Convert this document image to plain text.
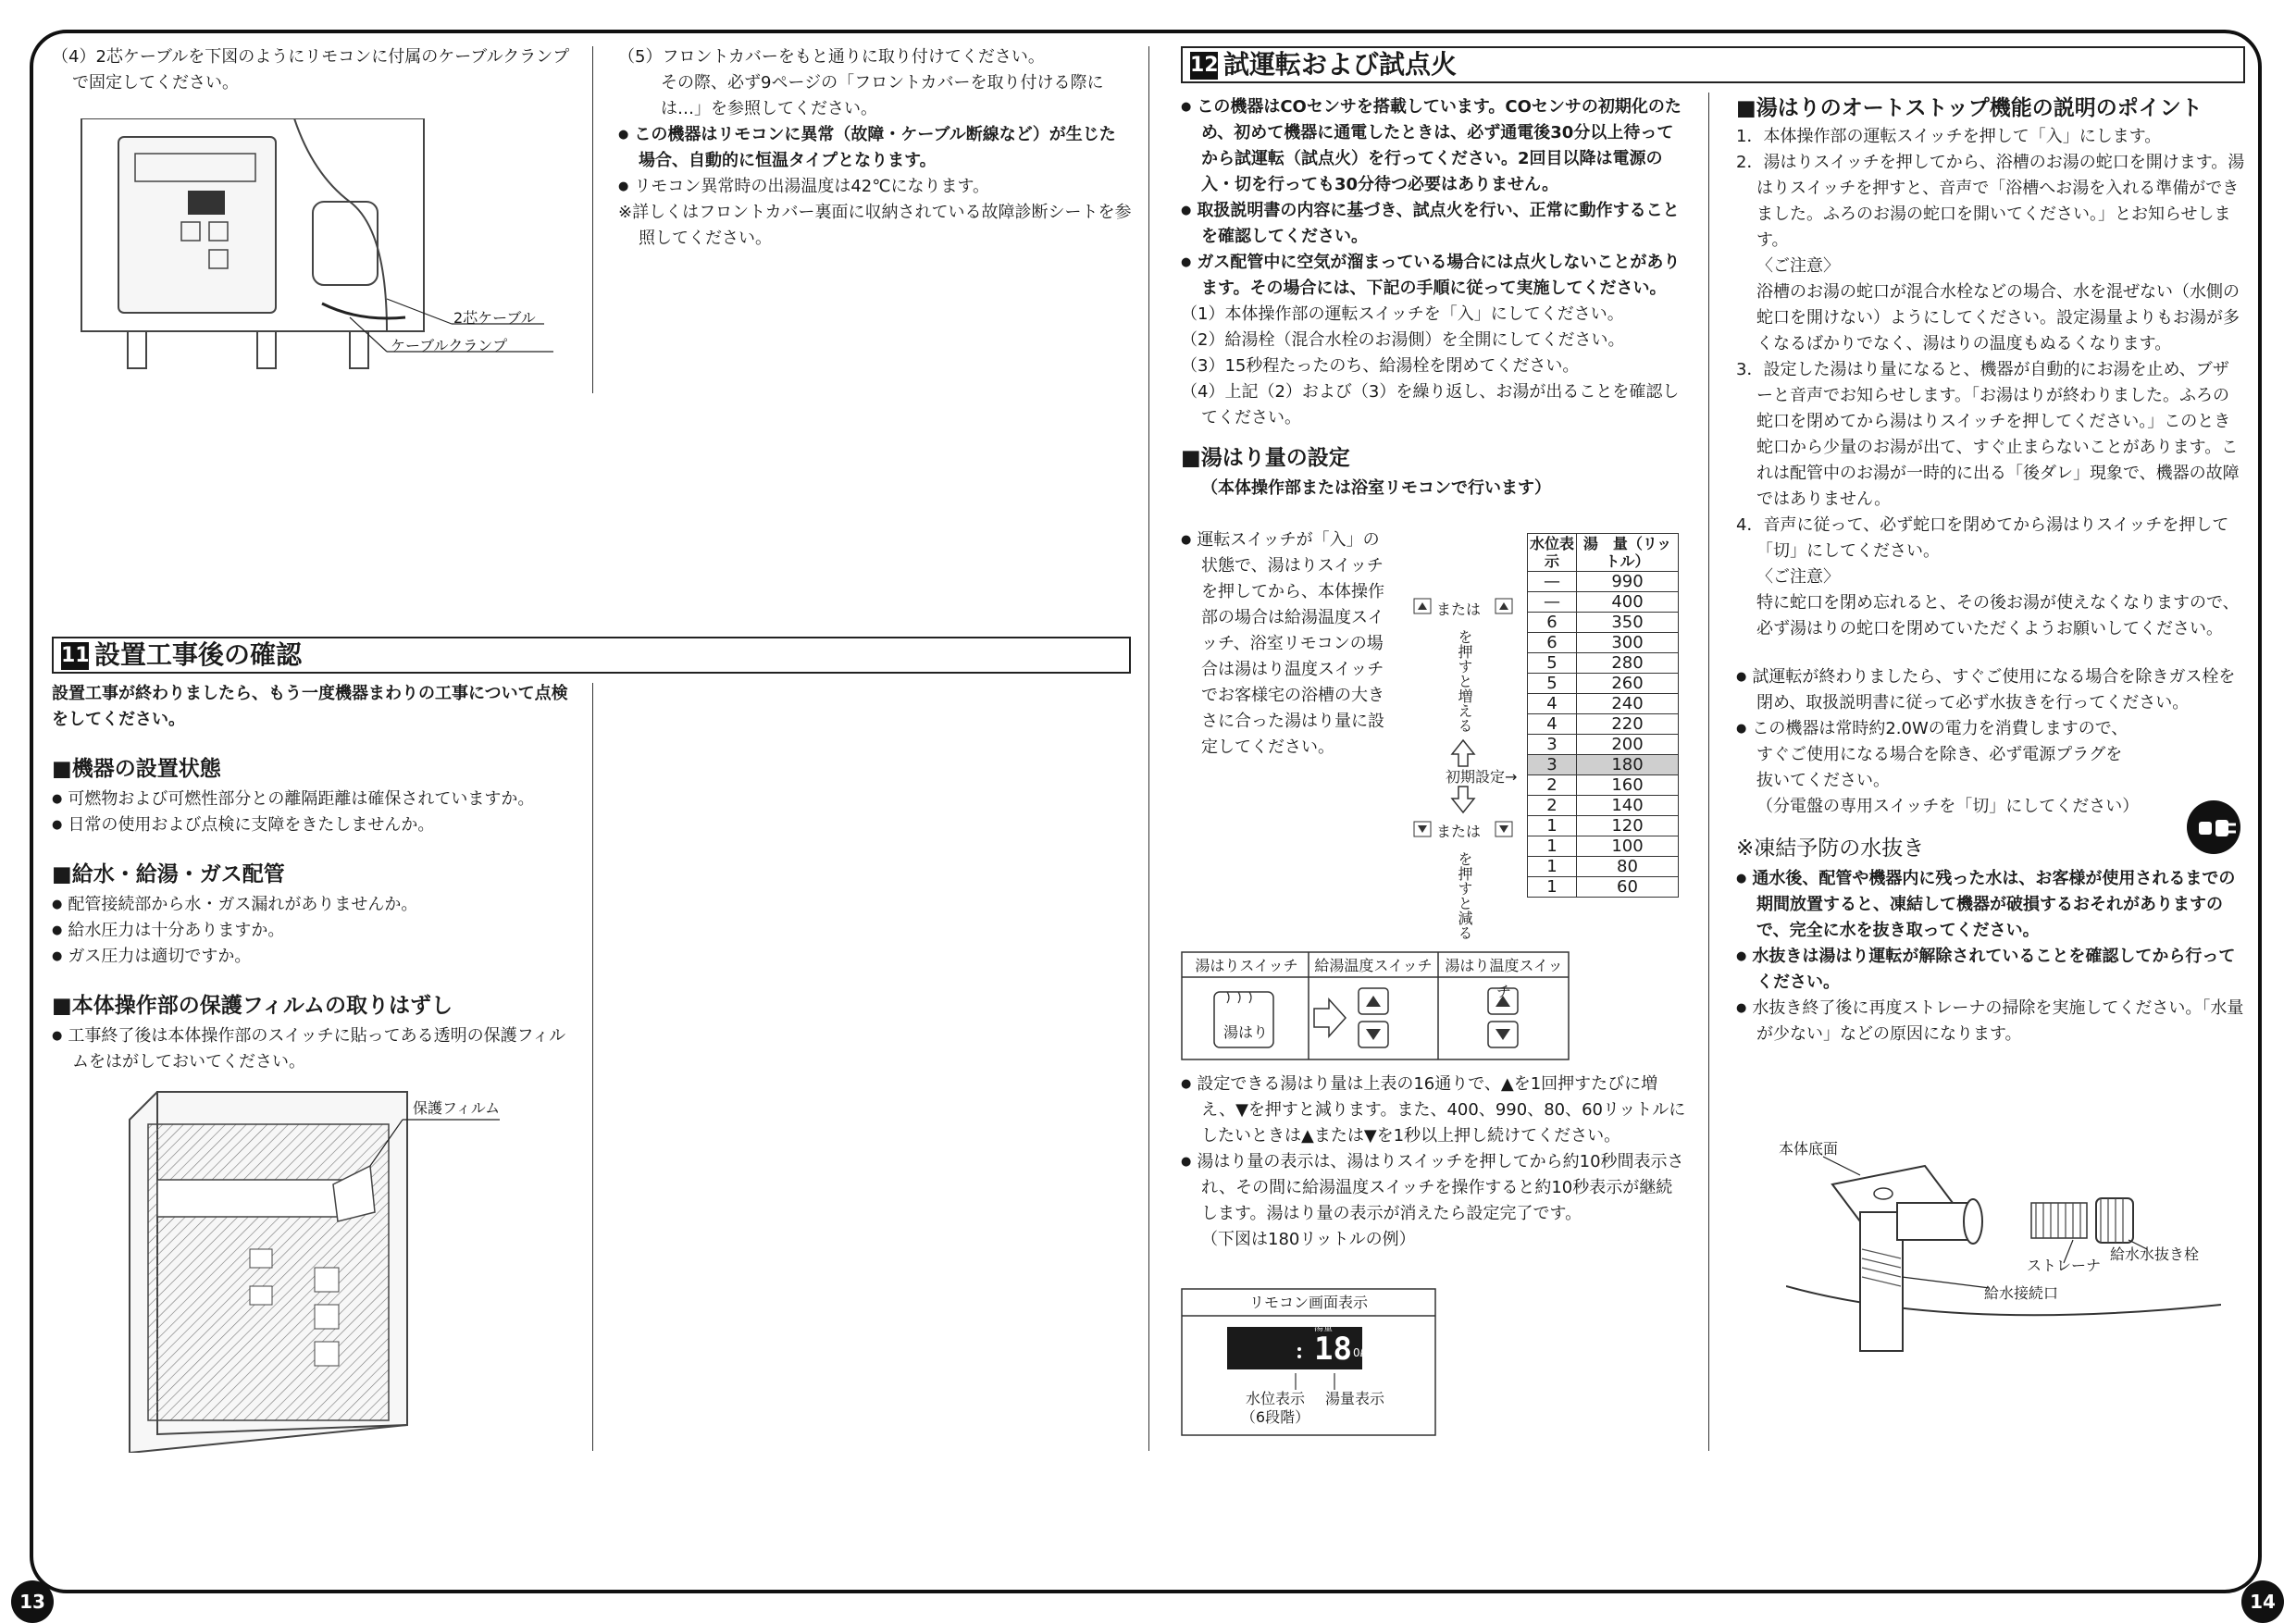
13	14

（4）2芯ケーブルを下図のようにリモコンに付属のケーブルクランプで固定してください。

2芯ケーブル
ケーブルクランプ

（5）フロントカバーをもと通りに取り付けてください。

その際、必ず9ページの「フロントカバーを取り付ける際には…」を参照してください。

● この機器はリモコンに異常（故障・ケーブル断線など）が生じた場合、自動的に恒温タイプとなります。

● リモコン異常時の出湯温度は42℃になります。

※詳しくはフロントカバー裏面に収納されている故障診断シートを参照してください。

11 設置工事後の確認

設置工事が終わりましたら、もう一度機器まわりの工事について点検をしてください。

■機器の設置状態

● 可燃物および可燃性部分との離隔距離は確保されていますか。

● 日常の使用および点検に支障をきたしませんか。

■給水・給湯・ガス配管

● 配管接続部から水・ガス漏れがありませんか。

● 給水圧力は十分ありますか。

● ガス圧力は適切ですか。

■本体操作部の保護フィルムの取りはずし

● 工事終了後は本体操作部のスイッチに貼ってある透明の保護フィルムをはがしておいてください。

保護フィルム
12 試運転および試点火

● この機器はCOセンサを搭載しています。COセンサの初期化のため、初めて機器に通電したときは、必ず通電後30分以上待ってから試運転（試点火）を行ってください。2回目以降は電源の入・切を行っても30分待つ必要はありません。

● 取扱説明書の内容に基づき、試点火を行い、正常に動作することを確認してください。

● ガス配管中に空気が溜まっている場合には点火しないことがあります。その場合には、下記の手順に従って実施してください。

（1）本体操作部の運転スイッチを「入」にしてください。

（2）給湯栓（混合水栓のお湯側）を全開にしてください。

（3）15秒程たったのち、給湯栓を閉めてください。

（4）上記（2）および（3）を繰り返し、お湯が出ることを確認してください。

■湯はり量の設定

（本体操作部または浴室リモコンで行います）

● 運転スイッチが「入」の状態で、湯はりスイッチを押してから、本体操作部の場合は給湯温度スイッチ、浴室リモコンの場合は湯はり温度スイッチでお客様宅の浴槽の大きさに合った湯はり量に設定してください。

または
または
を押すと増える
を押すと減る
初期設定→
水位表示	湯　量（リットル）
—	990
—	400
6	350
6	300
5	280
5	260
4	240
4	220
3	200
3	180
2	160
2	140
1	120
1	100
1	80
1	60
湯はりスイッチ	給湯温度スイッチ 湯はり温度スイッチ
湯はり

● 設定できる湯はり量は上表の16通りで、▲を1回押すたびに増え、▼を押すと減ります。また、400、990、80、60リットルにしたいときは▲または▼を1秒以上押し続けてください。

● 湯はり量の表示は、湯はりスイッチを押してから約10秒間表示され、その間に給湯温度スイッチを操作すると約10秒表示が継続します。湯はり量の表示が消えたら設定完了です。

（下図は180リットルの例）

リモコン画面表示
湯量
18 0ℓ
水位表示
（6段階）
湯量表示

■湯はりのオートストップ機能の説明のポイント

1．本体操作部の運転スイッチを押して「入」にします。

2．湯はりスイッチを押してから、浴槽のお湯の蛇口を開けます。湯はりスイッチを押すと、音声で「浴槽へお湯を入れる準備ができました。ふろのお湯の蛇口を開いてください。」とお知らせします。

〈ご注意〉

浴槽のお湯の蛇口が混合水栓などの場合、水を混ぜない（水側の蛇口を開けない）ようにしてください。設定湯量よりもお湯が多くなるばかりでなく、湯はりの温度もぬるくなります。

3．設定した湯はり量になると、機器が自動的にお湯を止め、ブザーと音声でお知らせします。「お湯はりが終わりました。ふろの蛇口を閉めてから湯はりスイッチを押してください。」このとき蛇口から少量のお湯が出て、すぐ止まらないことがあります。これは配管中のお湯が一時的に出る「後ダレ」現象で、機器の故障ではありません。

4．音声に従って、必ず蛇口を閉めてから湯はりスイッチを押して「切」にしてください。

〈ご注意〉

特に蛇口を閉め忘れると、その後お湯が使えなくなりますので、必ず湯はりの蛇口を閉めていただくようお願いしてください。

● 試運転が終わりましたら、すぐご使用になる場合を除きガス栓を閉め、取扱説明書に従って必ず水抜きを行ってください。

● この機器は常時約2.0Wの電力を消費しますので、

すぐご使用になる場合を除き、必ず電源プラグを

抜いてください。

（分電盤の専用スイッチを「切」にしてください）

※凍結予防の水抜き

● 通水後、配管や機器内に残った水は、お客様が使用されるまでの期間放置すると、凍結して機器が破損するおそれがありますので、完全に水を抜き取ってください。

● 水抜きは湯はり運転が解除されていることを確認してから行ってください。

● 水抜き終了後に再度ストレーナの掃除を実施してください。「水量が少ない」などの原因になります。

本体底面
ストレーナ
給水水抜き栓
給水接続口
